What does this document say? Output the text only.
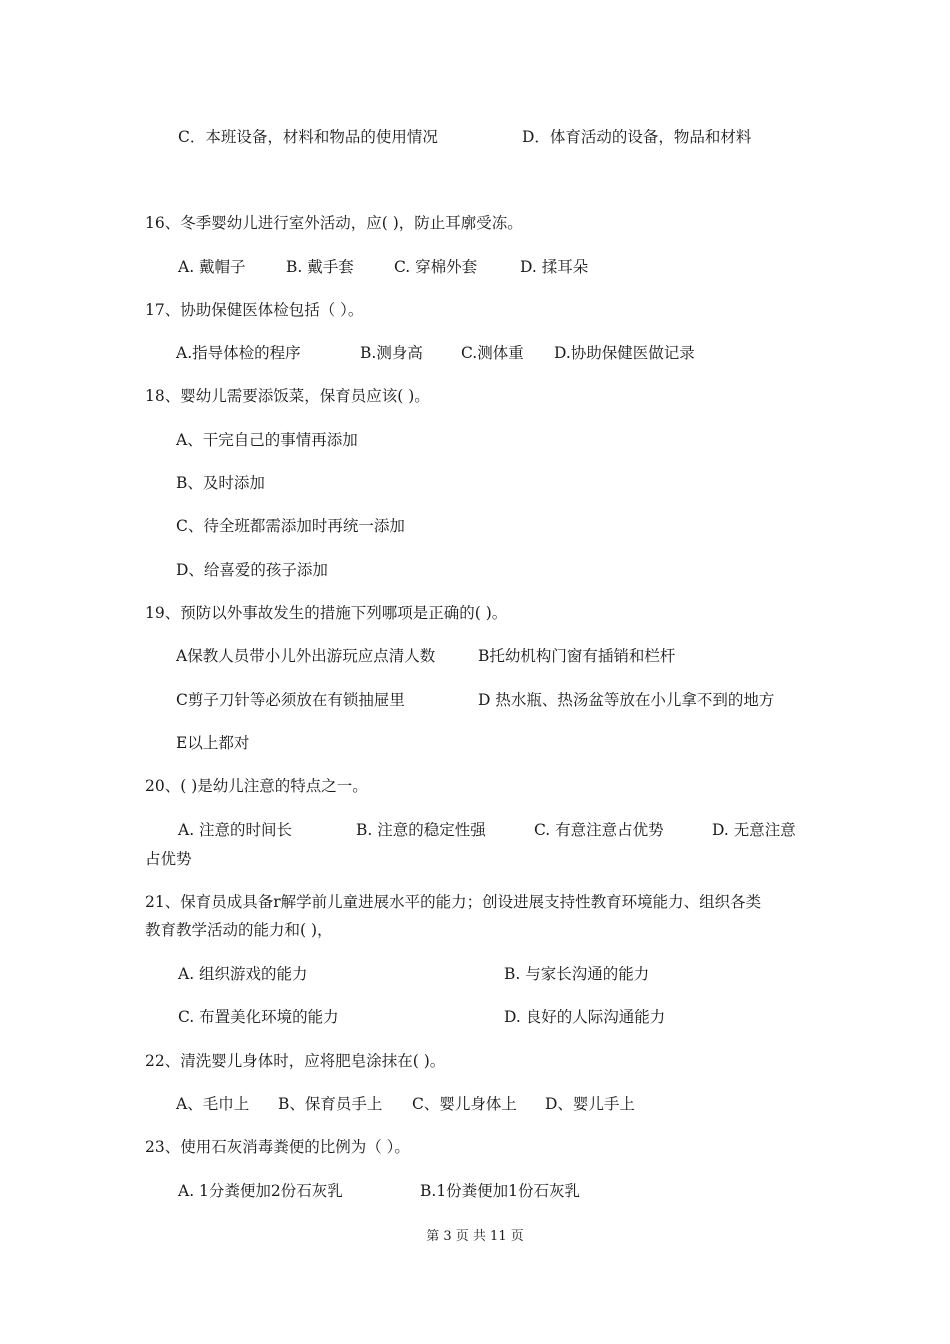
C．本班设备，材料和物品的使用情况	D．体育活动的设备，物品和材料
16、冬季婴幼儿进行室外活动，应( )，防止耳廓受冻。
A. 戴帽子	B. 戴手套	C. 穿棉外套	D. 揉耳朵
17、协助保健医体检包括（ ）。
A.指导体检的程序	B.测身高 C.测体重 D.协助保健医做记录
18、婴幼儿需要添饭菜，保育员应该( )。
A、干完自己的事情再添加
B、及时添加
C、待全班都需添加时再统一添加
D、给喜爱的孩子添加
19、预防以外事故发生的措施下列哪项是正确的( )。
A保教人员带小儿外出游玩应点清人数	B托幼机构门窗有插销和栏杆
C剪子刀针等必须放在有锁抽屉里	D 热水瓶、热汤盆等放在小儿拿不到的地方
E以上都对
20、( )是幼儿注意的特点之一。
A. 注意的时间长	B. 注意的稳定性强	C. 有意注意占优势	D. 无意注意
占优势
21、保育员成具备r解学前儿童进展水平的能力；创设进展支持性教育环境能力、组织各类
教育教学活动的能力和( )，
A. 组织游戏的能力	B. 与家长沟通的能力
C. 布置美化环境的能力	D. 良好的人际沟通能力
22、清洗婴儿身体时，应将肥皂涂抹在( )。
A、毛巾上 B、保育员手上 C、婴儿身体上 D、婴儿手上
23、使用石灰消毒粪便的比例为（ ）。
A. 1分粪便加2份石灰乳	B.1份粪便加1份石灰乳
第 3 页 共 11 页
